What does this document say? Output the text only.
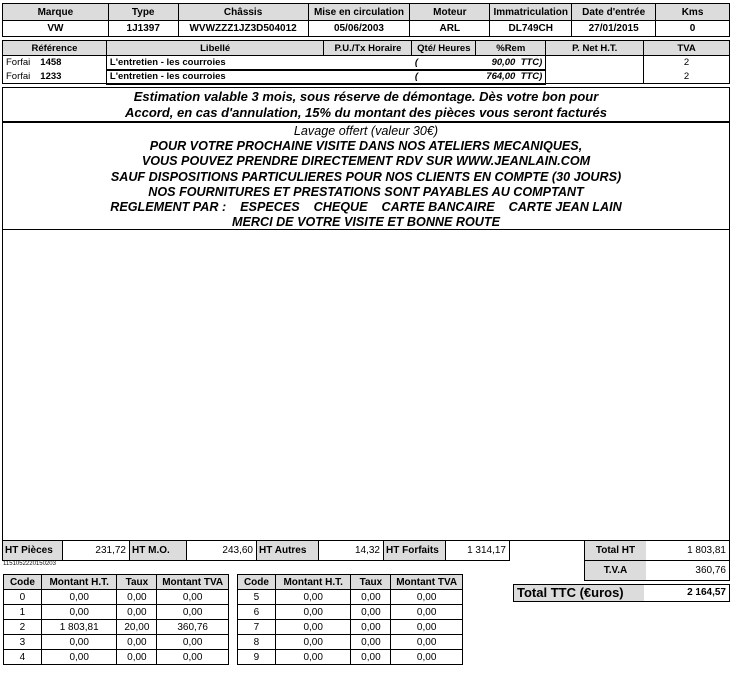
Marque	Type	Châssis	Mise en circulation	Moteur	Immatriculation	Date d'entrée	Kms
VW	1J1397	WVWZZZ1JZ3D504012	05/06/2003	ARL	DL749CH	27/01/2015	0
Référence	Libellé	P.U./Tx Horaire	Qté/ Heures	%Rem	P. Net H.T.	TVA
Forfai 1458	L'entretien - les courroies		(	90,00 TTC)		2
Forfai 1233	L'entretien - les courroies		(	764,00 TTC)		2
Estimation valable 3 mois, sous réserve de démontage. Dès votre bon pour
Accord, en cas d'annulation, 15% du montant des pièces vous seront facturés
Lavage offert (valeur 30€)
POUR VOTRE PROCHAINE VISITE DANS NOS ATELIERS MECANIQUES,
VOUS POUVEZ PRENDRE DIRECTEMENT RDV SUR WWW.JEANLAIN.COM
SAUF DISPOSITIONS PARTICULIERES POUR NOS CLIENTS EN COMPTE (30 JOURS)
NOS FOURNITURES ET PRESTATIONS SONT PAYABLES AU COMPTANT
REGLEMENT PAR :    ESPECES    CHEQUE    CARTE BANCAIRE    CARTE JEAN LAIN
MERCI DE VOTRE VISITE ET BONNE ROUTE
HT Pièces	231,72 HT M.O.	243,60 HT Autres	14,32 HT Forfaits	1 314,17
1151052220150203
Total HT	1 803,81
T.V.A	360,76
Total TTC (€uros)	2 164,57
Code	Montant H.T.	Taux	Montant TVA
0	0,00	0,00	0,00
1	0,00	0,00	0,00
2	1 803,81	20,00	360,76
3	0,00	0,00	0,00
4	0,00	0,00	0,00
Code	Montant H.T.	Taux	Montant TVA
5	0,00	0,00	0,00
6	0,00	0,00	0,00
7	0,00	0,00	0,00
8	0,00	0,00	0,00
9	0,00	0,00	0,00
